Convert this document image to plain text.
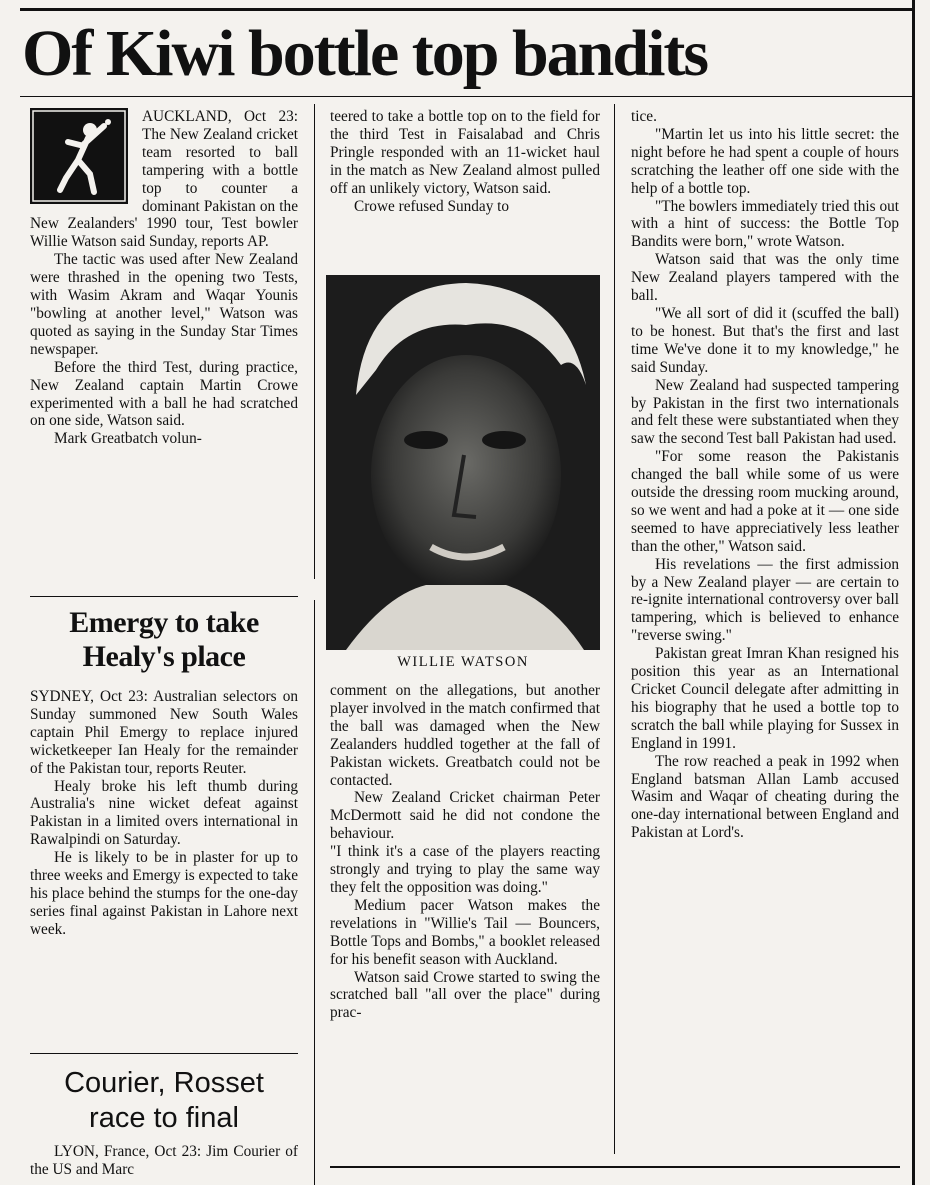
Of Kiwi bottle top bandits

AUCKLAND, Oct 23: The New Zealand cricket team resorted to ball tampering with a bottle top to counter a dominant Pakistan on the New Zealanders' 1990 tour, Test bowler Willie Watson said Sunday, reports AP.

The tactic was used after New Zealand were thrashed in the opening two Tests, with Wasim Akram and Waqar Younis "bowling at another level," Watson was quoted as saying in the Sunday Star Times newspaper.

Before the third Test, during practice, New Zealand captain Martin Crowe experimented with a ball he had scratched on one side, Watson said.

Mark Greatbatch volun-

teered to take a bottle top on to the field for the third Test in Faisalabad and Chris Pringle responded with an 11-wicket haul in the match as New Zealand almost pulled off an unlikely victory, Watson said.

Crowe refused Sunday to

WILLIE WATSON

comment on the allegations, but another player involved in the match confirmed that the ball was damaged when the New Zealanders huddled together at the fall of Pakistan wickets. Greatbatch could not be contacted.

New Zealand Cricket chairman Peter McDermott said he did not condone the behaviour.

"I think it's a case of the players reacting strongly and trying to play the same way they felt the opposition was doing."

Medium pacer Watson makes the revelations in "Willie's Tail — Bouncers, Bottle Tops and Bombs," a booklet released for his benefit season with Auckland.

Watson said Crowe started to swing the scratched ball "all over the place" during prac-

tice.

"Martin let us into his little secret: the night before he had spent a couple of hours scratching the leather off one side with the help of a bottle top.

"The bowlers immediately tried this out with a hint of success: the Bottle Top Bandits were born," wrote Watson.

Watson said that was the only time New Zealand players tampered with the ball.

"We all sort of did it (scuffed the ball) to be honest. But that's the first and last time We've done it to my knowledge," he said Sunday.

New Zealand had suspected tampering by Pakistan in the first two internationals and felt these were substantiated when they saw the second Test ball Pakistan had used.

"For some reason the Pakistanis changed the ball while some of us were outside the dressing room mucking around, so we went and had a poke at it — one side seemed to have appreciatively less leather than the other," Watson said.

His revelations — the first admission by a New Zealand player — are certain to re-ignite international controversy over ball tampering, which is believed to enhance "reverse swing."

Pakistan great Imran Khan resigned his position this year as an International Cricket Council delegate after admitting in his biography that he used a bottle top to scratch the ball while playing for Sussex in England in 1991.

The row reached a peak in 1992 when England batsman Allan Lamb accused Wasim and Waqar of cheating during the one-day international between England and Pakistan at Lord's.

Emergy to take
Healy's place

SYDNEY, Oct 23: Australian selectors on Sunday summoned New South Wales captain Phil Emergy to replace injured wicketkeeper Ian Healy for the remainder of the Pakistan tour, reports Reuter.

Healy broke his left thumb during Australia's nine wicket defeat against Pakistan in a limited overs international in Rawalpindi on Saturday.

He is likely to be in plaster for up to three weeks and Emergy is expected to take his place behind the stumps for the one-day series final against Pakistan in Lahore next week.

Courier, Rosset
race to final

LYON, France, Oct 23: Jim Courier of the US and Marc
